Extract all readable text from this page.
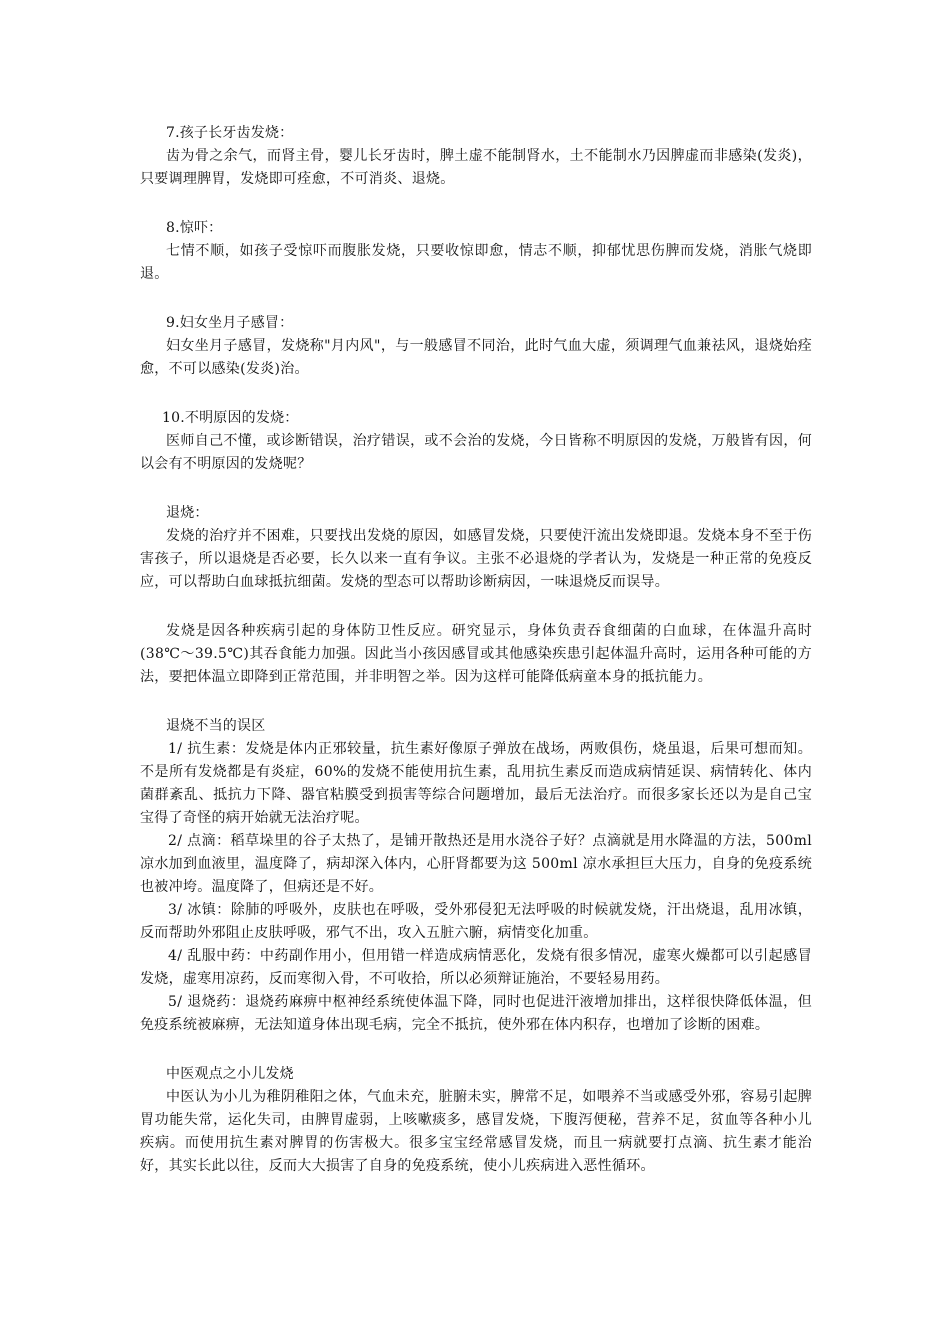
7.孩子长牙齿发烧：

齿为骨之余气，而肾主骨，婴儿长牙齿时，脾土虚不能制肾水，土不能制水乃因脾虚而非感染(发炎)，只要调理脾胃，发烧即可痊愈，不可消炎、退烧。

8.惊吓：

七情不顺，如孩子受惊吓而腹胀发烧，只要收惊即愈，情志不顺，抑郁忧思伤脾而发烧，消胀气烧即退。

9.妇女坐月子感冒：

妇女坐月子感冒，发烧称"月内风"，与一般感冒不同治，此时气血大虚，须调理气血兼祛风，退烧始痊愈，不可以感染(发炎)治。

10.不明原因的发烧：

医师自己不懂，或诊断错误，治疗错误，或不会治的发烧，今日皆称不明原因的发烧，万般皆有因，何以会有不明原因的发烧呢？

退烧：

发烧的治疗并不困难，只要找出发烧的原因，如感冒发烧，只要使汗流出发烧即退。发烧本身不至于伤害孩子，所以退烧是否必要，长久以来一直有争议。主张不必退烧的学者认为，发烧是一种正常的免疫反应，可以帮助白血球抵抗细菌。发烧的型态可以帮助诊断病因，一味退烧反而误导。

发烧是因各种疾病引起的身体防卫性反应。研究显示，身体负责吞食细菌的白血球，在体温升高时(38℃～39.5℃)其吞食能力加强。因此当小孩因感冒或其他感染疾患引起体温升高时，运用各种可能的方法，要把体温立即降到正常范围，并非明智之举。因为这样可能降低病童本身的抵抗能力。

退烧不当的误区

1/ 抗生素：发烧是体内正邪较量，抗生素好像原子弹放在战场，两败俱伤，烧虽退，后果可想而知。不是所有发烧都是有炎症，60%的发烧不能使用抗生素，乱用抗生素反而造成病情延误、病情转化、体内菌群紊乱、抵抗力下降、器官粘膜受到损害等综合问题增加，最后无法治疗。而很多家长还以为是自己宝宝得了奇怪的病开始就无法治疗呢。

2/ 点滴：稻草垛里的谷子太热了，是铺开散热还是用水浇谷子好？点滴就是用水降温的方法，500ml 凉水加到血液里，温度降了，病却深入体内，心肝肾都要为这 500ml 凉水承担巨大压力，自身的免疫系统也被冲垮。温度降了，但病还是不好。

3/ 冰镇：除肺的呼吸外，皮肤也在呼吸，受外邪侵犯无法呼吸的时候就发烧，汗出烧退，乱用冰镇，反而帮助外邪阻止皮肤呼吸，邪气不出，攻入五脏六腑，病情变化加重。

4/ 乱服中药：中药副作用小，但用错一样造成病情恶化，发烧有很多情况，虚寒火燥都可以引起感冒发烧，虚寒用凉药，反而寒彻入骨，不可收拾，所以必须辩证施治，不要轻易用药。

5/ 退烧药：退烧药麻痹中枢神经系统使体温下降，同时也促进汗液增加排出，这样很快降低体温，但免疫系统被麻痹，无法知道身体出现毛病，完全不抵抗，使外邪在体内积存，也增加了诊断的困难。

中医观点之小儿发烧

中医认为小儿为稚阴稚阳之体，气血未充，脏腑未实，脾常不足，如喂养不当或感受外邪，容易引起脾胃功能失常，运化失司，由脾胃虚弱，上咳嗽痰多，感冒发烧，下腹泻便秘，营养不足，贫血等各种小儿疾病。而使用抗生素对脾胃的伤害极大。很多宝宝经常感冒发烧，而且一病就要打点滴、抗生素才能治好，其实长此以往，反而大大损害了自身的免疫系统，使小儿疾病进入恶性循环。
